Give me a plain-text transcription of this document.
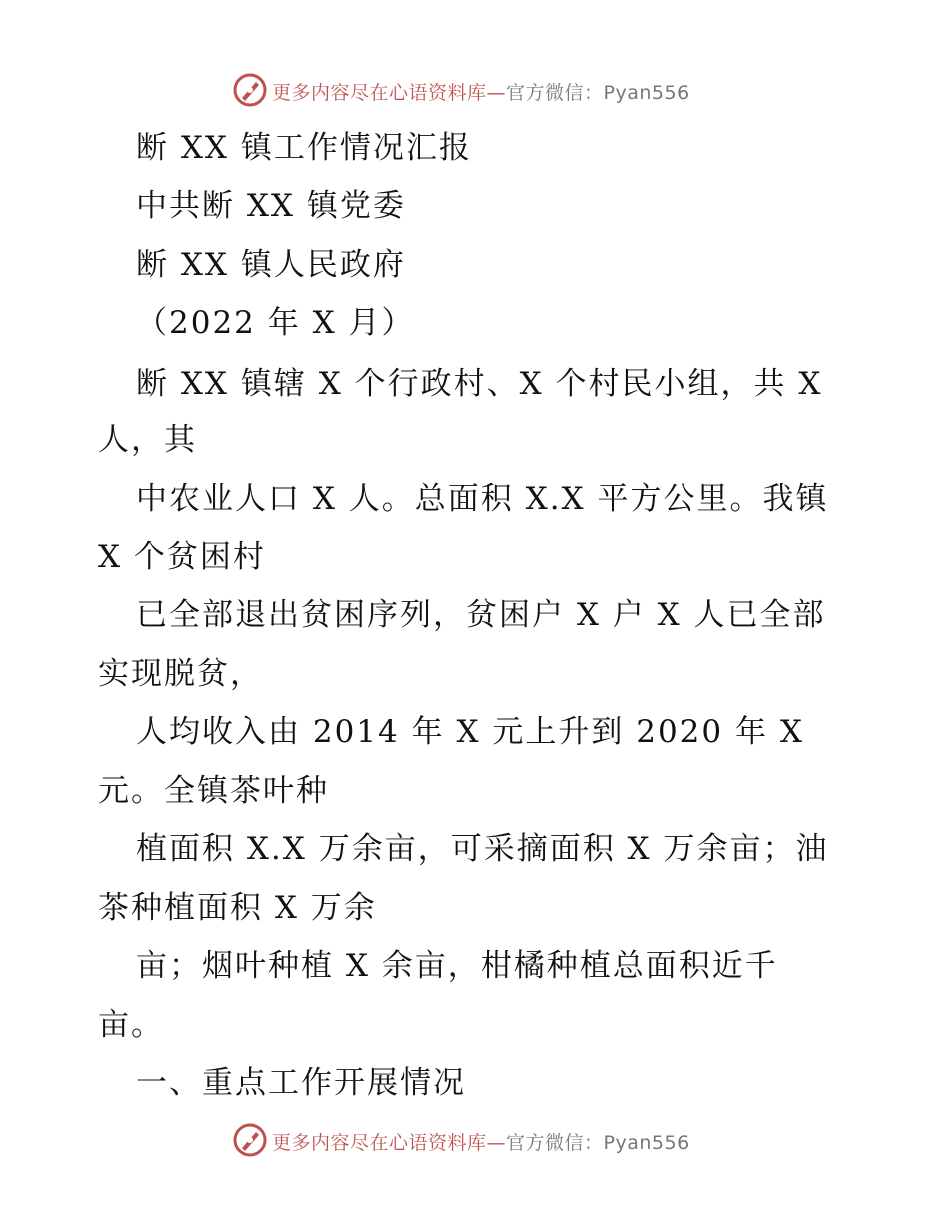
更多内容尽在心语资料库—官方微信：Pyan556
断 XX 镇工作情况汇报
中共断 XX 镇党委
断 XX 镇人民政府
（2022 年 X 月）
断 XX 镇辖 X 个行政村、X 个村民小组，共 X
人，其
中农业人口 X 人。总面积 X.X 平方公里。我镇
X 个贫困村
已全部退出贫困序列，贫困户 X 户 X 人已全部
实现脱贫，
人均收入由 2014 年 X 元上升到 2020 年 X
元。全镇茶叶种
植面积 X.X 万余亩，可采摘面积 X 万余亩；油
茶种植面积 X 万余
亩；烟叶种植 X 余亩，柑橘种植总面积近千
亩。
一、重点工作开展情况
更多内容尽在心语资料库—官方微信：Pyan556
